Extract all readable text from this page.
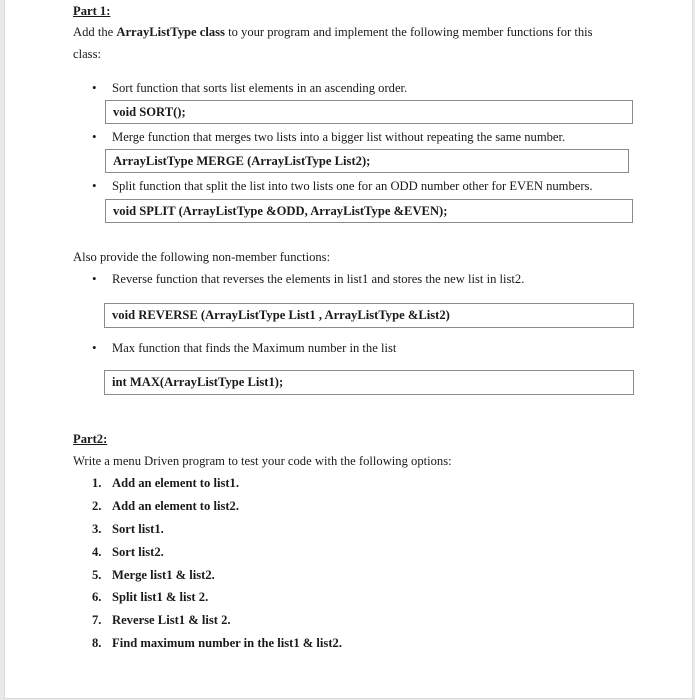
Part 1:
Add the ArrayListType class to your program and implement the following member functions for this
class:
• Sort function that sorts list elements in an ascending order.
void SORT();
• Merge function that merges two lists into a bigger list without repeating the same number.
ArrayListType MERGE (ArrayListType List2);
• Split function that split the list into two lists one for an ODD number other for EVEN numbers.
void SPLIT (ArrayListType &ODD, ArrayListType &EVEN);
Also provide the following non-member functions:
• Reverse function that reverses the elements in list1 and stores the new list in list2.
void REVERSE (ArrayListType List1 , ArrayListType &List2)
• Max function that finds the Maximum number in the list
int MAX(ArrayListType List1);
Part2:
Write a menu Driven program to test your code with the following options:
1. Add an element to list1.
2. Add an element to list2.
3. Sort list1.
4. Sort list2.
5. Merge list1 & list2.
6. Split list1 & list 2.
7. Reverse List1 & list 2.
8. Find maximum number in the list1 & list2.
